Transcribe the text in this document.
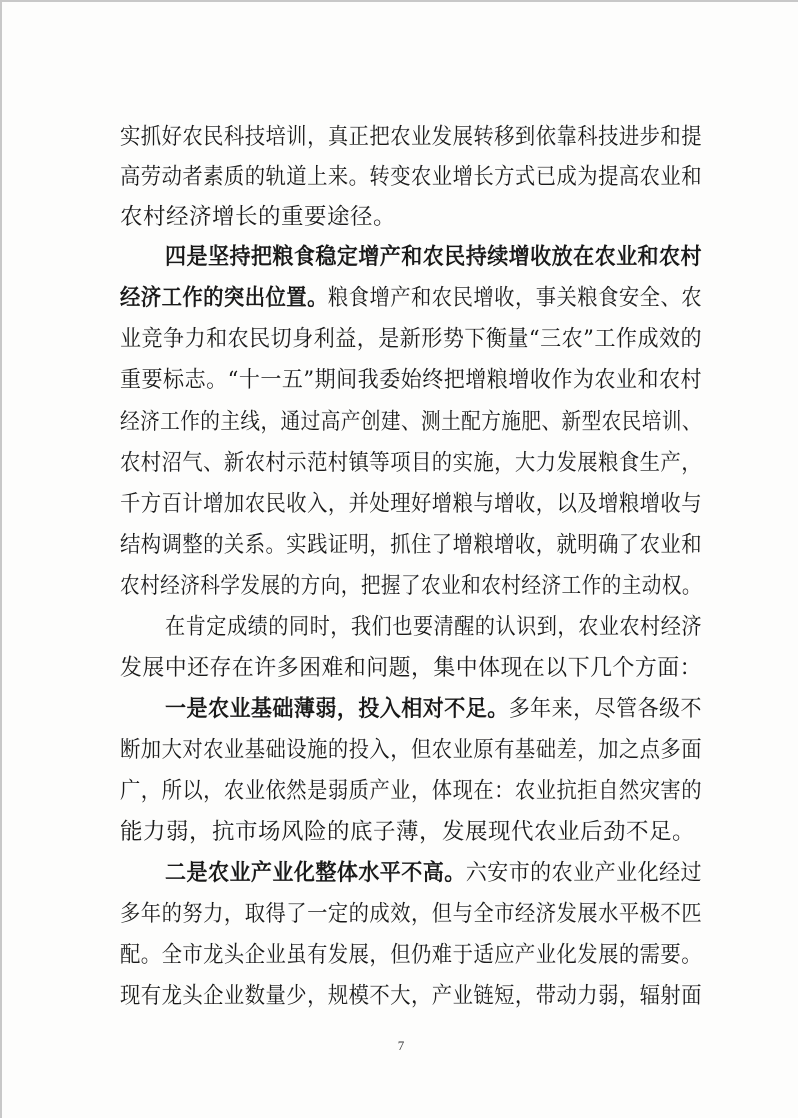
实抓好农民科技培训，真正把农业发展转移到依靠科技进步和提
高劳动者素质的轨道上来。转变农业增长方式已成为提高农业和
农村经济增长的重要途径。
四是坚持把粮食稳定增产和农民持续增收放在农业和农村
经济工作的突出位置。粮食增产和农民增收，事关粮食安全、农
业竞争力和农民切身利益，是新形势下衡量“三农”工作成效的
重要标志。“十一五”期间我委始终把增粮增收作为农业和农村
经济工作的主线，通过高产创建、测土配方施肥、新型农民培训、
农村沼气、新农村示范村镇等项目的实施，大力发展粮食生产，
千方百计增加农民收入，并处理好增粮与增收，以及增粮增收与
结构调整的关系。实践证明，抓住了增粮增收，就明确了农业和
农村经济科学发展的方向，把握了农业和农村经济工作的主动权。
在肯定成绩的同时，我们也要清醒的认识到，农业农村经济
发展中还存在许多困难和问题，集中体现在以下几个方面：
一是农业基础薄弱，投入相对不足。多年来，尽管各级不
断加大对农业基础设施的投入，但农业原有基础差，加之点多面
广，所以，农业依然是弱质产业，体现在：农业抗拒自然灾害的
能力弱，抗市场风险的底子薄，发展现代农业后劲不足。
二是农业产业化整体水平不高。六安市的农业产业化经过
多年的努力，取得了一定的成效，但与全市经济发展水平极不匹
配。全市龙头企业虽有发展，但仍难于适应产业化发展的需要。
现有龙头企业数量少，规模不大，产业链短，带动力弱，辐射面
7
